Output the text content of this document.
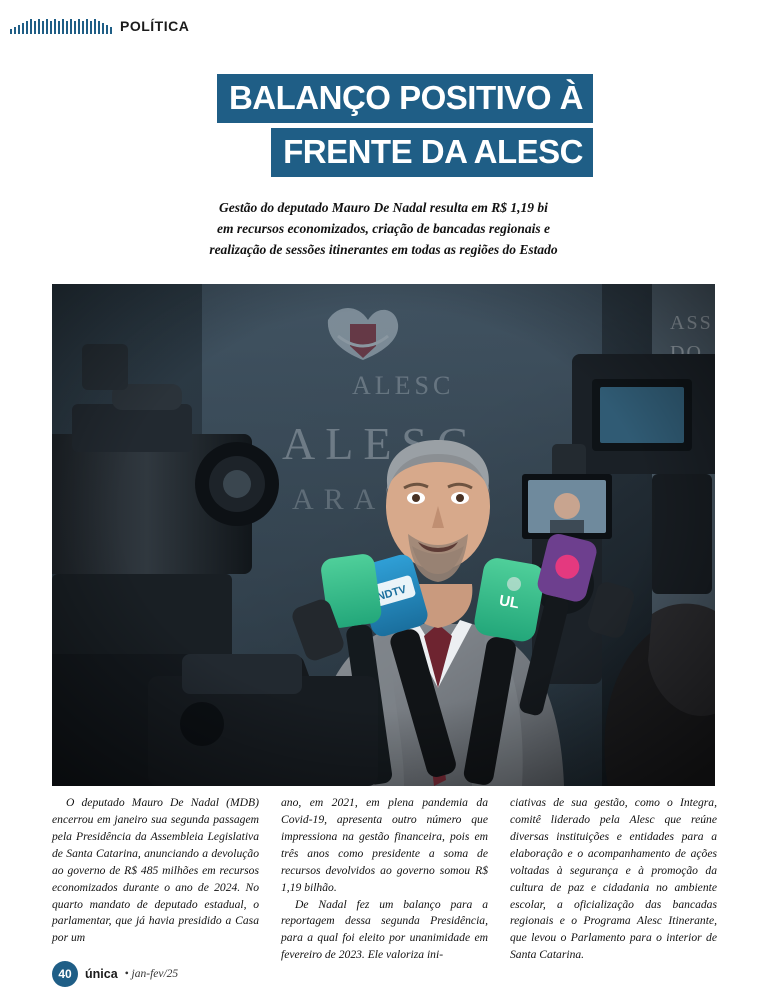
POLÍTICA
BALANÇO POSITIVO À
FRENTE DA ALESC
Gestão do deputado Mauro De Nadal resulta em R$ 1,19 bi
em recursos economizados, criação de bancadas regionais e
realização de sessões itinerantes em todas as regiões do Estado

O deputado Mauro De Nadal (MDB) encerrou em janeiro sua segunda passagem pela Presidência da Assembleia Legislativa de Santa Catarina, anunciando a devolução ao governo de R$ 485 milhões em recursos economizados durante o ano de 2024. No quarto mandato de deputado estadual, o parlamentar, que já havia presidido a Casa por um

ano, em 2021, em plena pandemia da Covid-19, apresenta outro número que impressiona na gestão financeira, pois em três anos como presidente a soma de recursos devolvidos ao governo somou R$ 1,19 bilhão.

De Nadal fez um balanço para a reportagem dessa segunda Presidência, para a qual foi eleito por unanimidade em fevereiro de 2023. Ele valoriza ini-

ciativas de sua gestão, como o Integra, comitê liderado pela Alesc que reúne diversas instituições e entidades para a elaboração e o acompanhamento de ações voltadas à segurança e à promoção da cultura de paz e cidadania no ambiente escolar, a oficialização das bancadas regionais e o Programa Alesc Itinerante, que levou o Parlamento para o interior de Santa Catarina.

40	única • jan-fev/25
